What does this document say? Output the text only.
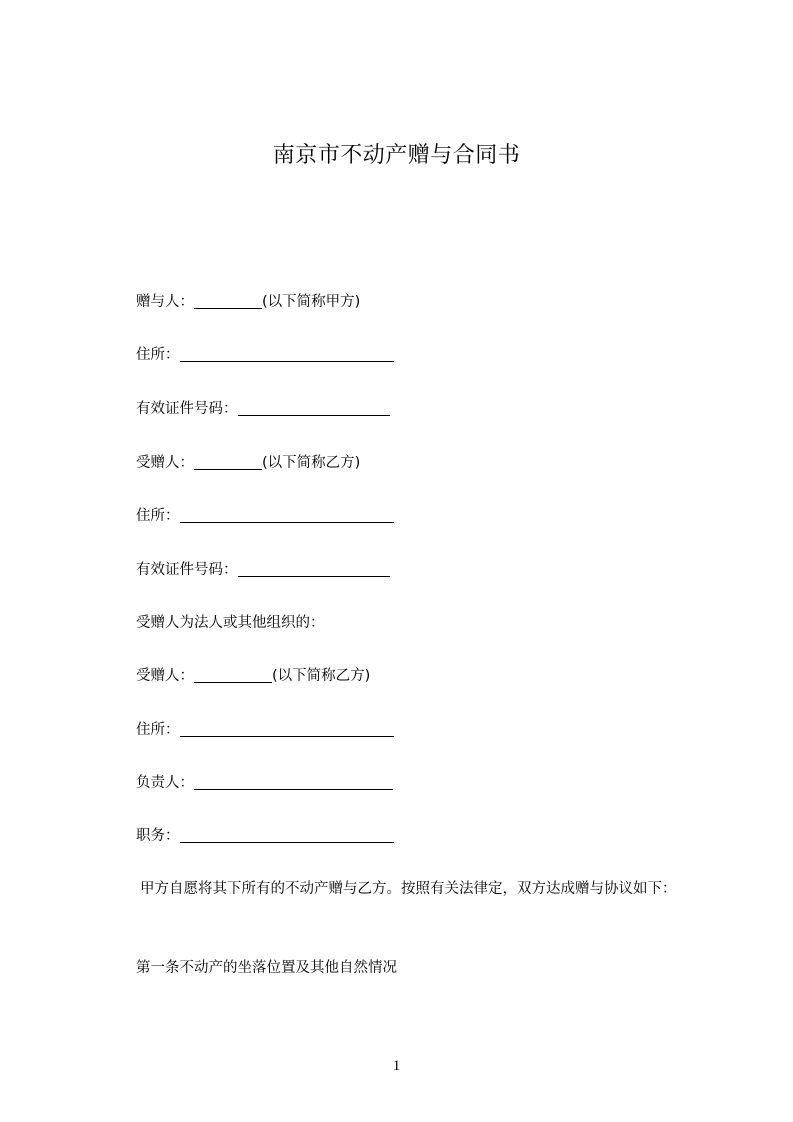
南京市不动产赠与合同书
赠与人：	(以下简称甲方)
住所：
有效证件号码：
受赠人：	(以下简称乙方)
住所：
有效证件号码：
受赠人为法人或其他组织的：
受赠人：	(以下简称乙方)
住所：
负责人：
职务：
甲方自愿将其下所有的不动产赠与乙方。按照有关法律定，双方达成赠与协议如下：
第一条不动产的坐落位置及其他自然情况
1
